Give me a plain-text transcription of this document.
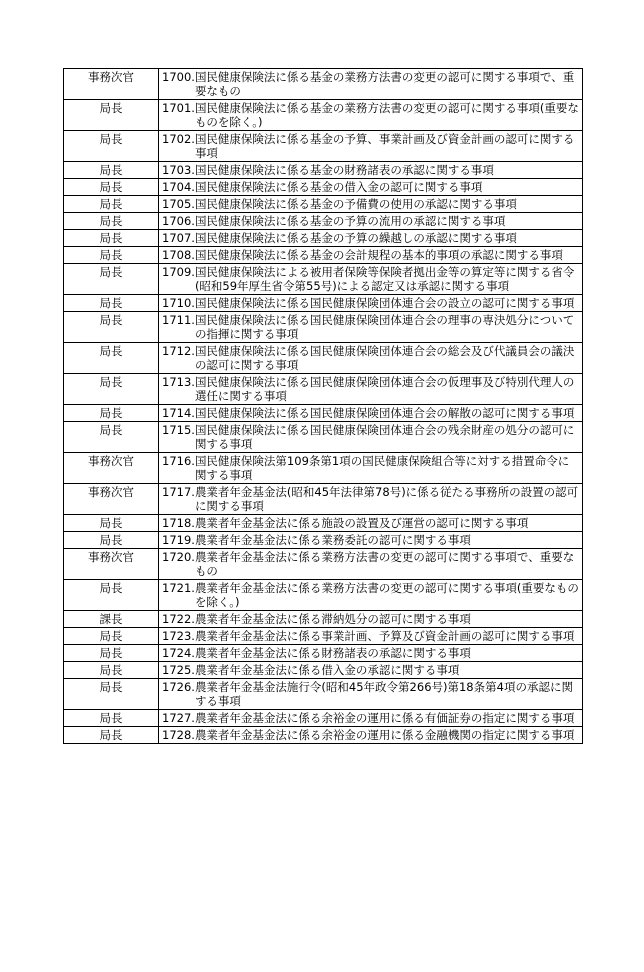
事務次官	1700. 国民健康保険法に係る基金の業務方法書の変更の認可に関する事項で、重要なもの

局長	1701. 国民健康保険法に係る基金の業務方法書の変更の認可に関する事項(重要なものを除く。)

局長	1702. 国民健康保険法に係る基金の予算、事業計画及び資金計画の認可に関する事項

局長	1703. 国民健康保険法に係る基金の財務諸表の承認に関する事項

局長	1704. 国民健康保険法に係る基金の借入金の認可に関する事項

局長	1705. 国民健康保険法に係る基金の予備費の使用の承認に関する事項

局長	1706. 国民健康保険法に係る基金の予算の流用の承認に関する事項

局長	1707. 国民健康保険法に係る基金の予算の繰越しの承認に関する事項

局長	1708. 国民健康保険法に係る基金の会計規程の基本的事項の承認に関する事項

局長	1709. 国民健康保険法による被用者保険等保険者拠出金等の算定等に関する省令(昭和59年厚生省令第55号)による認定又は承認に関する事項

局長	1710. 国民健康保険法に係る国民健康保険団体連合会の設立の認可に関する事項

局長	1711. 国民健康保険法に係る国民健康保険団体連合会の理事の専決処分についての指揮に関する事項

局長	1712. 国民健康保険法に係る国民健康保険団体連合会の総会及び代議員会の議決の認可に関する事項

局長	1713. 国民健康保険法に係る国民健康保険団体連合会の仮理事及び特別代理人の選任に関する事項

局長	1714. 国民健康保険法に係る国民健康保険団体連合会の解散の認可に関する事項

局長	1715. 国民健康保険法に係る国民健康保険団体連合会の残余財産の処分の認可に関する事項

事務次官	1716. 国民健康保険法第109条第1項の国民健康保険組合等に対する措置命令に関する事項

事務次官	1717. 農業者年金基金法(昭和45年法律第78号)に係る従たる事務所の設置の認可に関する事項

局長	1718. 農業者年金基金法に係る施設の設置及び運営の認可に関する事項

局長	1719. 農業者年金基金法に係る業務委託の認可に関する事項

事務次官	1720. 農業者年金基金法に係る業務方法書の変更の認可に関する事項で、重要なもの

局長	1721. 農業者年金基金法に係る業務方法書の変更の認可に関する事項(重要なものを除く。)

課長	1722. 農業者年金基金法に係る滞納処分の認可に関する事項

局長	1723. 農業者年金基金法に係る事業計画、予算及び資金計画の認可に関する事項

局長	1724. 農業者年金基金法に係る財務諸表の承認に関する事項

局長	1725. 農業者年金基金法に係る借入金の承認に関する事項

局長	1726. 農業者年金基金法施行令(昭和45年政令第266号)第18条第4項の承認に関する事項

局長	1727. 農業者年金基金法に係る余裕金の運用に係る有価証券の指定に関する事項

局長	1728. 農業者年金基金法に係る余裕金の運用に係る金融機関の指定に関する事項
